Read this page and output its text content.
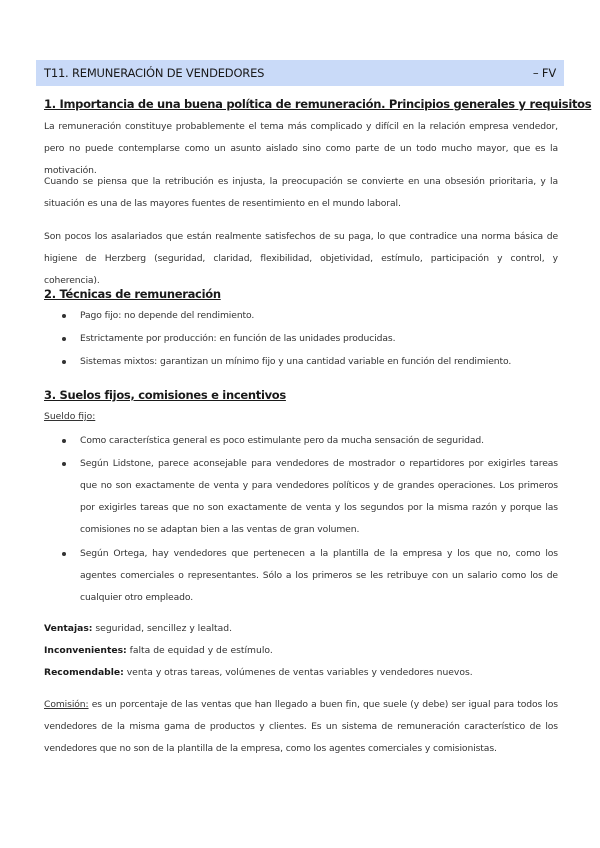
T11. REMUNERACIÓN DE VENDEDORES	– FV
1. Importancia de una buena política de remuneración. Principios generales y requisitos
La remuneración constituye probablemente el tema más complicado y difícil en la relación empresa vendedor, pero no puede contemplarse como un asunto aislado sino como parte de un todo mucho mayor, que es la motivación.
Cuando se piensa que la retribución es injusta, la preocupación se convierte en una obsesión prioritaria, y la situación es una de las mayores fuentes de resentimiento en el mundo laboral.
Son pocos los asalariados que están realmente satisfechos de su paga, lo que contradice una norma básica de higiene de Herzberg (seguridad, claridad, flexibilidad, objetividad, estímulo, participación y control, y coherencia).
2. Técnicas de remuneración
Pago fijo: no depende del rendimiento.
Estrictamente por producción: en función de las unidades producidas.
Sistemas mixtos: garantizan un mínimo fijo y una cantidad variable en función del rendimiento.
3. Suelos fijos, comisiones e incentivos
Sueldo fijo:
Como característica general es poco estimulante pero da mucha sensación de seguridad.
Según Lidstone, parece aconsejable para vendedores de mostrador o repartidores por exigirles tareas que no son exactamente de venta y para vendedores políticos y de grandes operaciones. Los primeros por exigirles tareas que no son exactamente de venta y los segundos por la misma razón y porque las comisiones no se adaptan bien a las ventas de gran volumen.
Según Ortega, hay vendedores que pertenecen a la plantilla de la empresa y los que no, como los agentes comerciales o representantes. Sólo a los primeros se les retribuye con un salario como los de cualquier otro empleado.
Ventajas: seguridad, sencillez y lealtad.
Inconvenientes: falta de equidad y de estímulo.
Recomendable: venta y otras tareas, volúmenes de ventas variables y vendedores nuevos.
Comisión: es un porcentaje de las ventas que han llegado a buen fin, que suele (y debe) ser igual para todos los vendedores de la misma gama de productos y clientes. Es un sistema de remuneración característico de los vendedores que no son de la plantilla de la empresa, como los agentes comerciales y comisionistas.
